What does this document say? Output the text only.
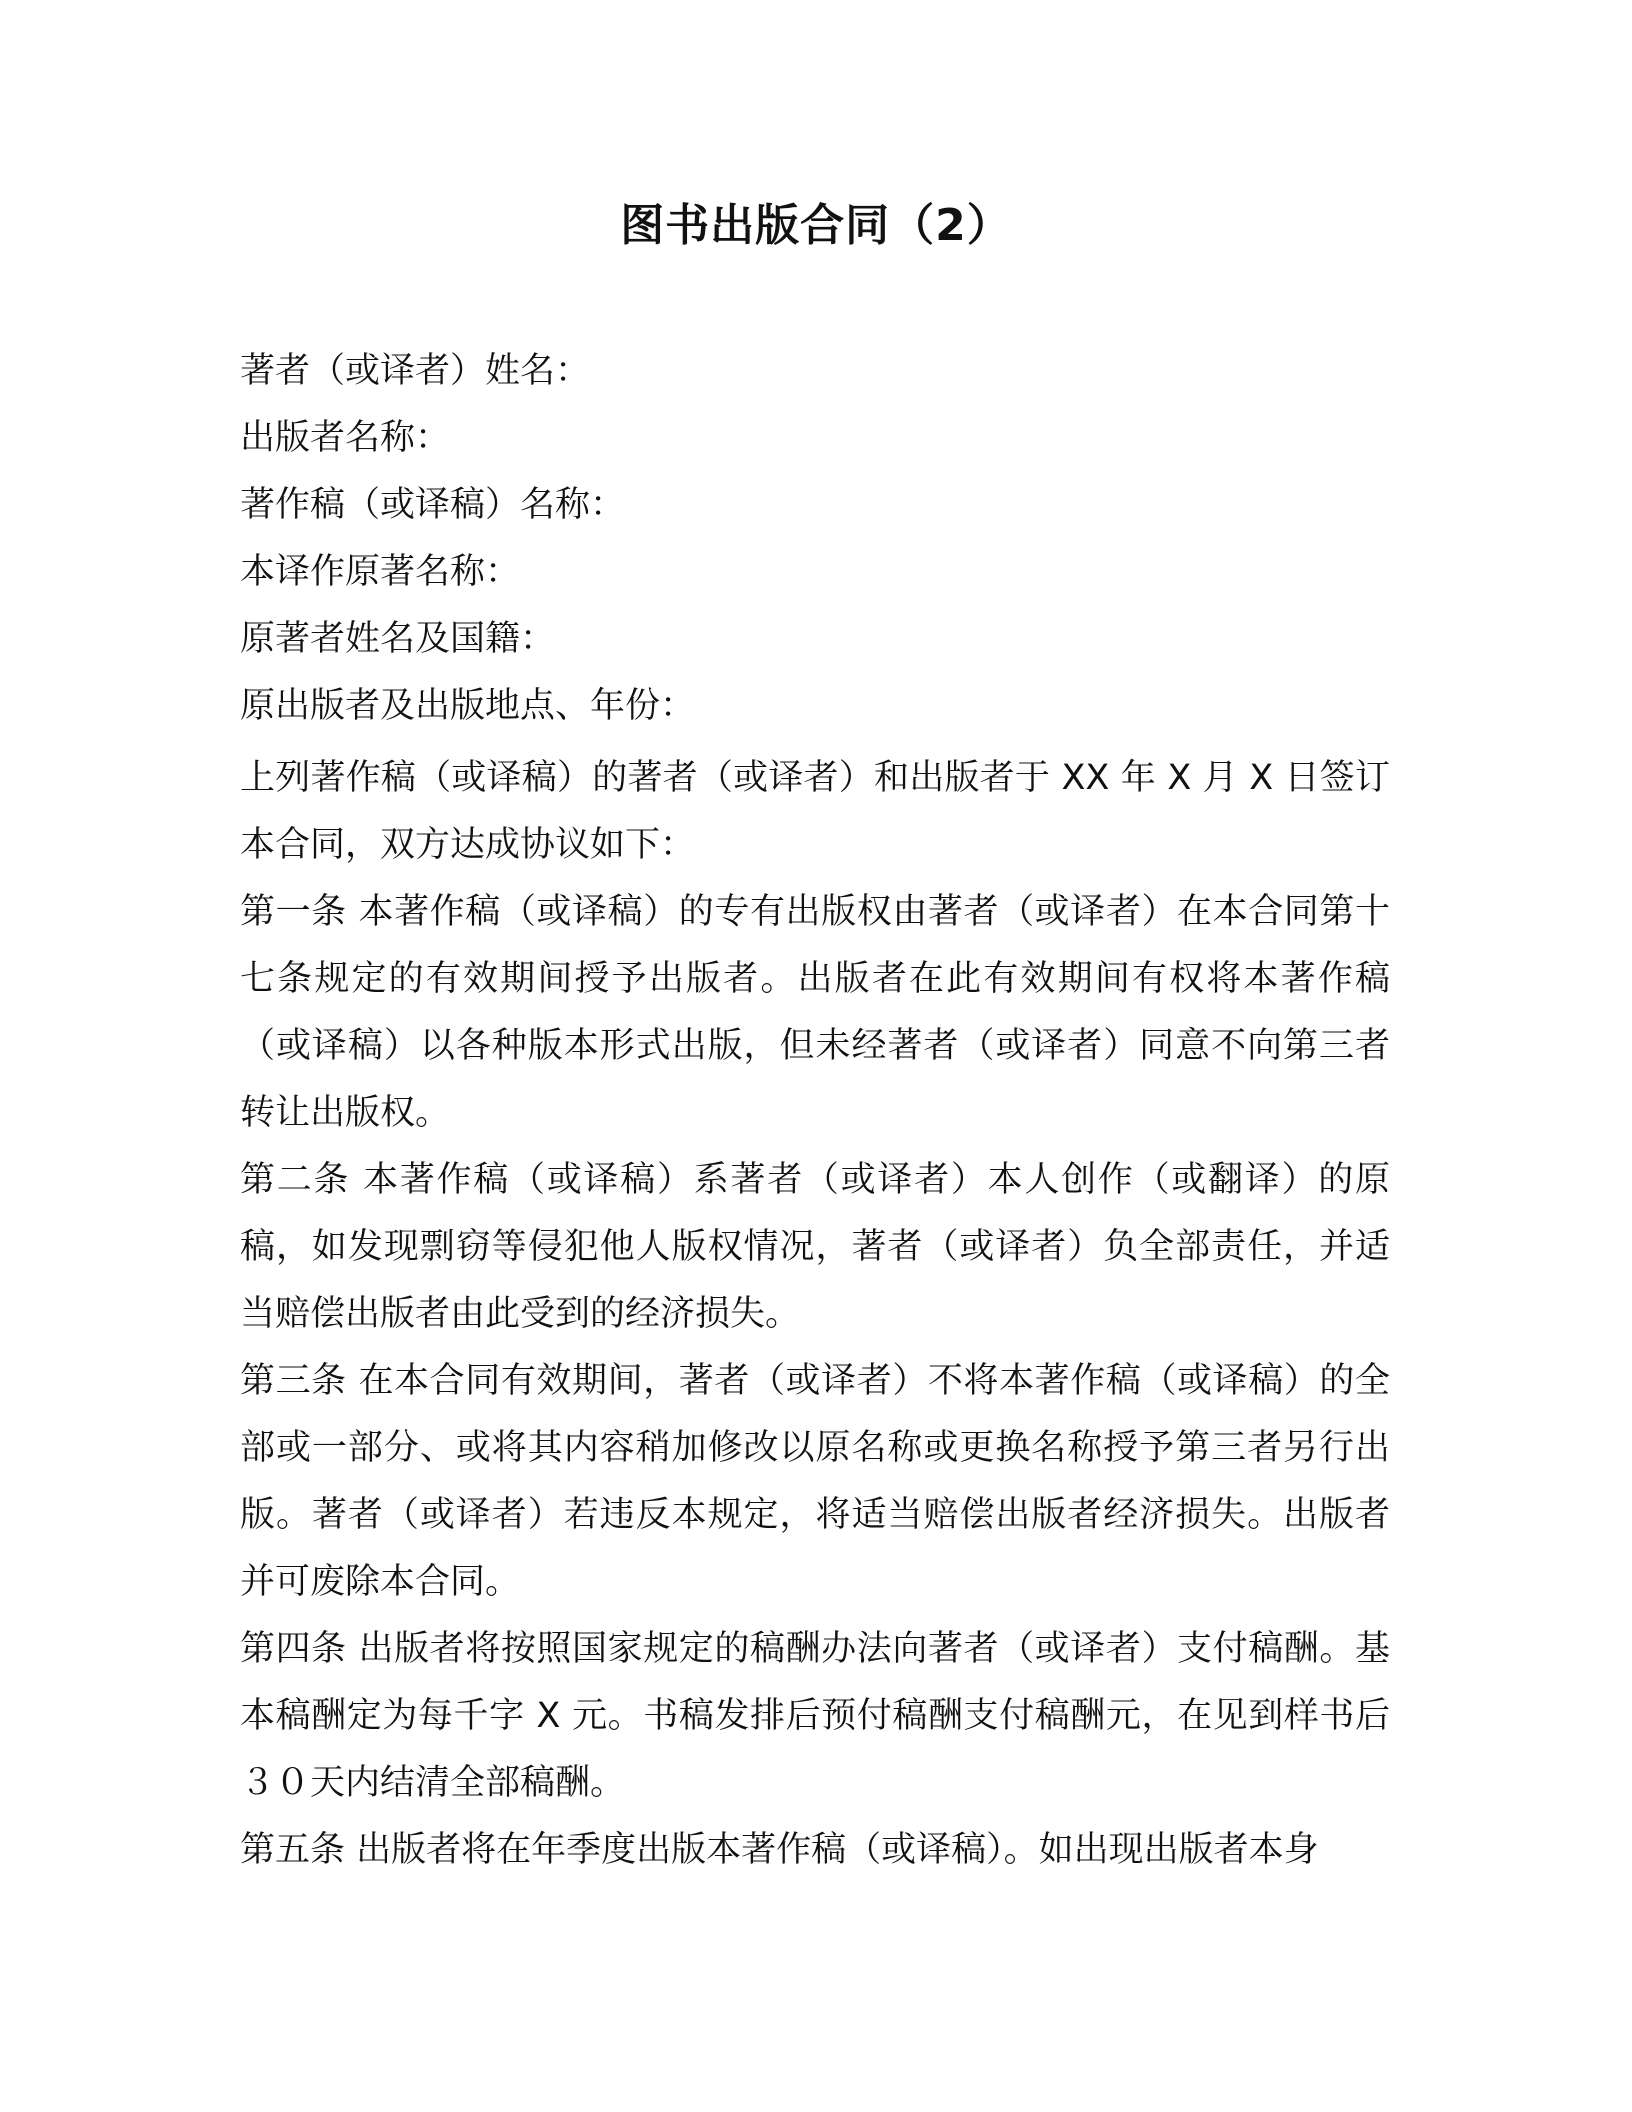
图书出版合同（2）
著者（或译者）姓名：
出版者名称：
著作稿（或译稿）名称：
本译作原著名称：
原著者姓名及国籍：
原出版者及出版地点、年份：

上列著作稿（或译稿）的著者（或译者）和出版者于 XX 年 X 月 X 日签订本合同，双方达成协议如下：

第一条 本著作稿（或译稿）的专有出版权由著者（或译者）在本合同第十七条规定的有效期间授予出版者。出版者在此有效期间有权将本著作稿（或译稿）以各种版本形式出版，但未经著者（或译者）同意不向第三者转让出版权。

第二条 本著作稿（或译稿）系著者（或译者）本人创作（或翻译）的原稿，如发现剽窃等侵犯他人版权情况，著者（或译者）负全部责任，并适当赔偿出版者由此受到的经济损失。

第三条 在本合同有效期间，著者（或译者）不将本著作稿（或译稿）的全部或一部分、或将其内容稍加修改以原名称或更换名称授予第三者另行出版。著者（或译者）若违反本规定，将适当赔偿出版者经济损失。出版者并可废除本合同。

第四条 出版者将按照国家规定的稿酬办法向著者（或译者）支付稿酬。基本稿酬定为每千字 X 元。书稿发排后预付稿酬支付稿酬元，在见到样书后３０天内结清全部稿酬。

第五条 出版者将在年季度出版本著作稿（或译稿）。如出现出版者本身
